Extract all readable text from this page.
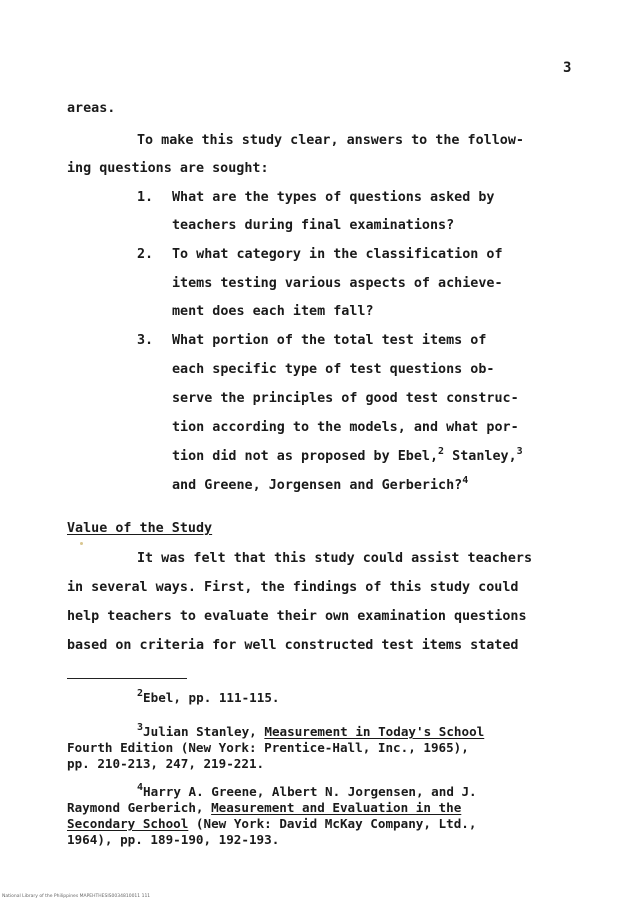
3
areas.
To make this study clear, answers to the follow-
ing questions are sought:
1. What are the types of questions asked by
teachers during final examinations?
2. To what category in the classification of
items testing various aspects of achieve-
ment does each item fall?
3. What portion of the total test items of
each specific type of test questions ob-
serve the principles of good test construc-
tion according to the models, and what por-
tion did not as proposed by Ebel,$^2$ Stanley,$^3$
and Greene, Jorgensen and Gerberich?$^4$
Value of the Study
It was felt that this study could assist teachers
in several ways. First, the findings of this study could
help teachers to evaluate their own examination questions
based on criteria for well constructed test items stated
$^2$Ebel, pp. 111-115.
$^3$Julian Stanley, Measurement in Today's School
Fourth Edition (New York: Prentice-Hall, Inc., 1965),
pp. 210-213, 247, 219-221.
$^4$Harry A. Greene, Albert N. Jorgensen, and J.
Raymond Gerberich, Measurement and Evaluation in the
Secondary School (New York: David McKay Company, Ltd.,
1964), pp. 189-190, 192-193.
National Library of the Philippines MAPEHTHESIS0034810011 111
